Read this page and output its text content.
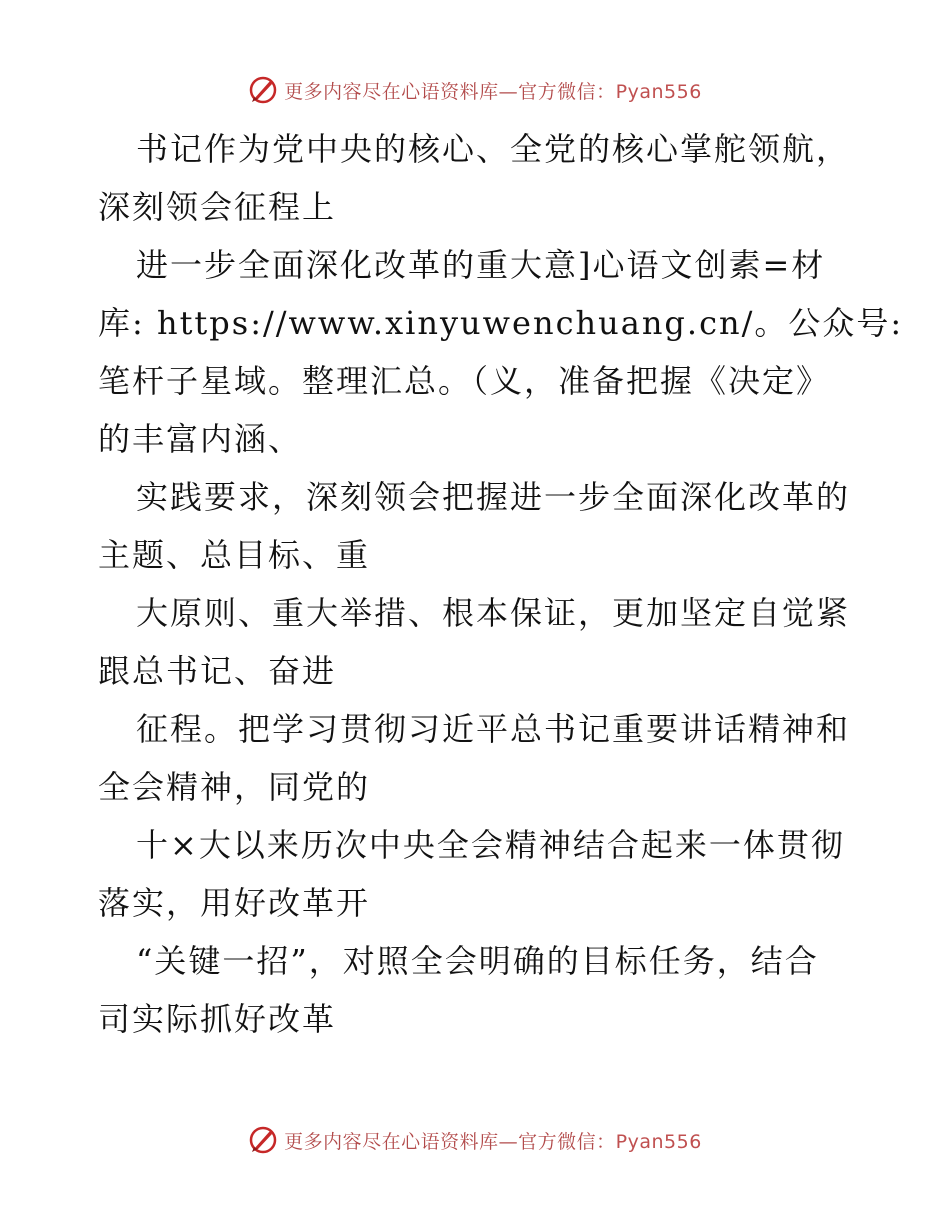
更多内容尽在心语资料库—官方微信：Pyan556
书记作为党中央的核心、全党的核心掌舵领航，
深刻领会征程上
进一步全面深化改革的重大意]心语文创素=材
库: https://www.xinyuwenchuang.cn/。公众号:
笔杆子星域。整理汇总。（义，准备把握《决定》
的丰富内涵、
实践要求，深刻领会把握进一步全面深化改革的
主题、总目标、重
大原则、重大举措、根本保证，更加坚定自觉紧
跟总书记、奋进
征程。把学习贯彻习近平总书记重要讲话精神和
全会精神，同党的
十×大以来历次中央全会精神结合起来一体贯彻
落实，用好改革开
“关键一招”，对照全会明确的目标任务，结合
司实际抓好改革
更多内容尽在心语资料库—官方微信：Pyan556
